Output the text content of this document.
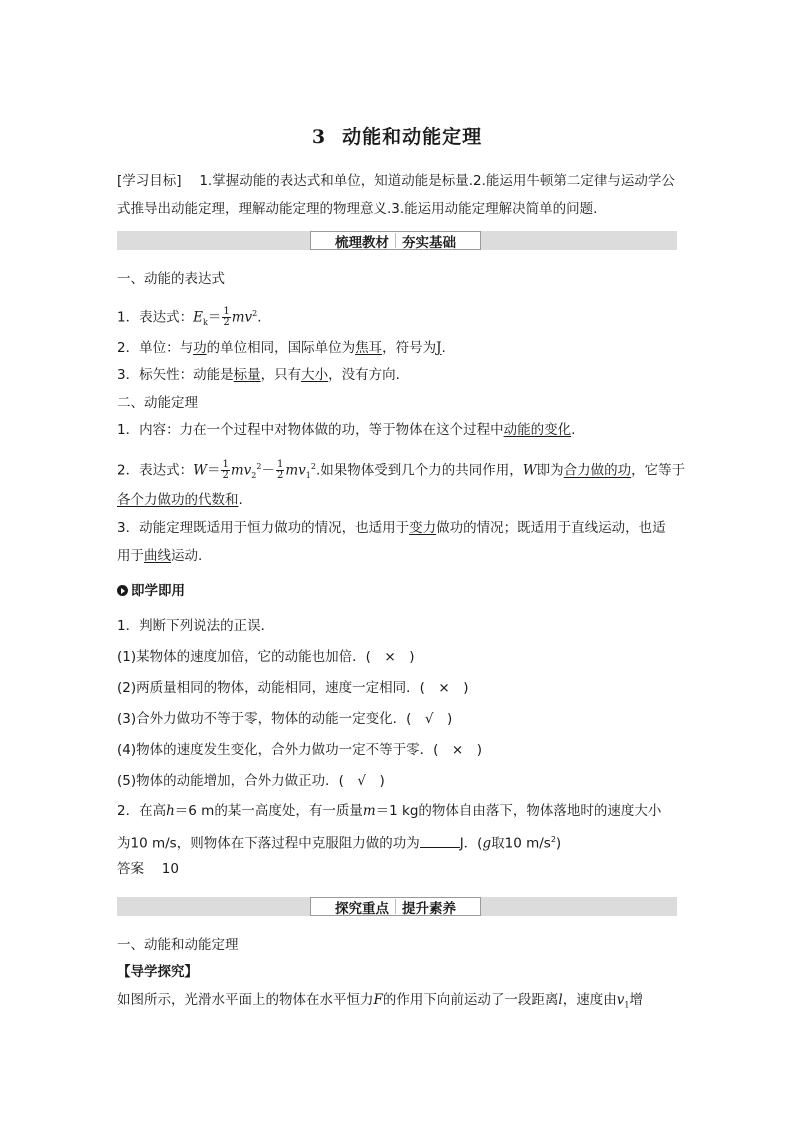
3 动能和动能定理
[学习目标]　 1.掌握动能的表达式和单位，知道动能是标量.2.能运用牛顿第二定律与运动学公
式推导出动能定理，理解动能定理的物理意义.3.能运用动能定理解决简单的问题.
梳理教材 夯实基础
一、动能的表达式
1．表达式：$E_k= \frac{1}{2} mv^2$.
2．单位：与功的单位相同，国际单位为焦耳，符号为J.
3．标矢性：动能是标量，只有大小，没有方向.
二、动能定理
1．内容：力在一个过程中对物体做的功，等于物体在这个过程中动能的变化.
2．表达式：$W= \frac{1}{2} mv_2^2- \frac{1}{2} mv_1^2$.如果物体受到几个力的共同作用，W即为合力做的功，它等于
各个力做功的代数和.
3．动能定理既适用于恒力做功的情况，也适用于变力做功的情况；既适用于直线运动，也适
用于曲线运动.
即学即用
1．判断下列说法的正误．
(1)某物体的速度加倍，它的动能也加倍．(　×　)
(2)两质量相同的物体，动能相同，速度一定相同．(　×　)
(3)合外力做功不等于零，物体的动能一定变化．(　√　)
(4)物体的速度发生变化，合外力做功一定不等于零．(　×　)
(5)物体的动能增加，合外力做正功．(　√　)
2．在高h＝6 m的某一高度处，有一质量m＝1 kg的物体自由落下，物体落地时的速度大小
为10 m/s，则物体在下落过程中克服阻力做的功为	J．(g取10 $m/s^2$)
答案　 10
探究重点 提升素养
一、动能和动能定理
【导学探究】
如图所示，光滑水平面上的物体在水平恒力F的作用下向前运动了一段距离l，速度由$v_1$增
